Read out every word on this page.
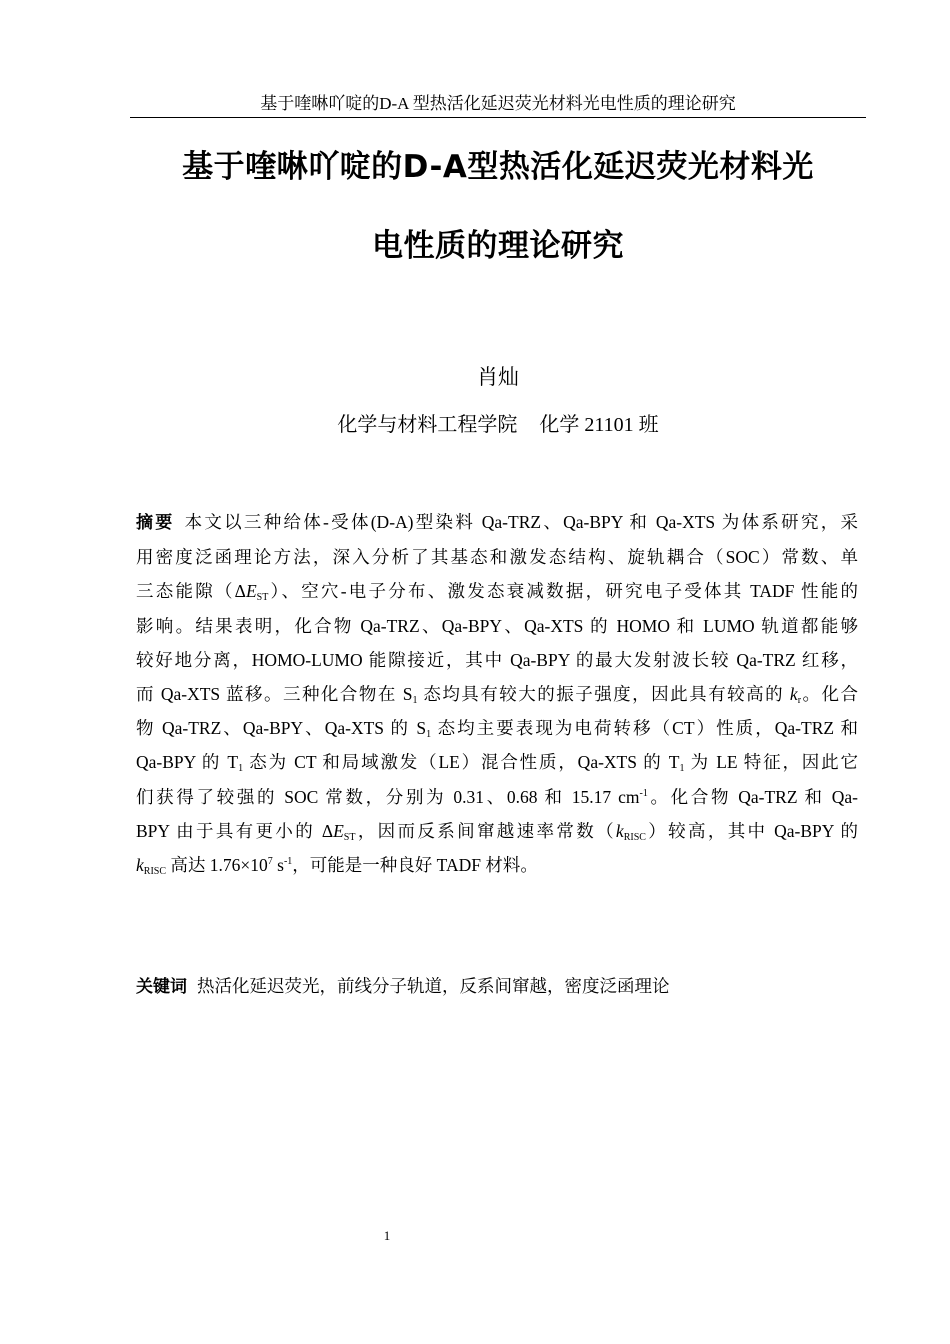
基于喹啉吖啶的D-A 型热活化延迟荧光材料光电性质的理论研究
基于喹啉吖啶的D-A型热活化延迟荧光材料光
电性质的理论研究
肖灿
化学与材料工程学院 化学 21101 班
摘要 本文以三种给体-受体(D-A)型染料 Qa-TRZ、Qa-BPY 和 Qa-XTS 为体系研究，采
用密度泛函理论方法，深入分析了其基态和激发态结构、旋轨耦合（SOC）常数、单
三态能隙$(\Delta E_{ST})$、空穴-电子分布、激发态衰减数据，研究电子受体其 TADF 性能的
影响。结果表明，化合物 Qa-TRZ、Qa-BPY、Qa-XTS 的 HOMO 和 LUMO 轨道都能够
较好地分离，HOMO-LUMO 能隙接近，其中 Qa-BPY 的最大发射波长较 Qa-TRZ 红移，
而 Qa-XTS 蓝移。三种化合物在 $S_1$ 态均具有较大的振子强度，因此具有较高的 $k_r$。化合
物 Qa-TRZ、Qa-BPY、Qa-XTS 的 $S_1$ 态均主要表现为电荷转移（CT）性质，Qa-TRZ 和
Qa-BPY 的 $T_1$ 态为 CT 和局域激发（LE）混合性质，Qa-XTS 的 $T_1$ 为 LE 特征，因此它
们获得了较强的 SOC 常数，分别为 0.31、0.68 和 15.17 $cm^{-1}$。化合物 Qa-TRZ 和 Qa-
BPY 由于具有更小的 $\Delta E_{ST}$，因而反系间窜越速率常数$(k_{RISC})$较高，其中 Qa-BPY 的
$k_{RISC}$ 高达 $1.76\times 10^7$ $s^{-1}$，可能是一种良好 TADF 材料。
关键词 热活化延迟荧光，前线分子轨道，反系间窜越，密度泛函理论
1
